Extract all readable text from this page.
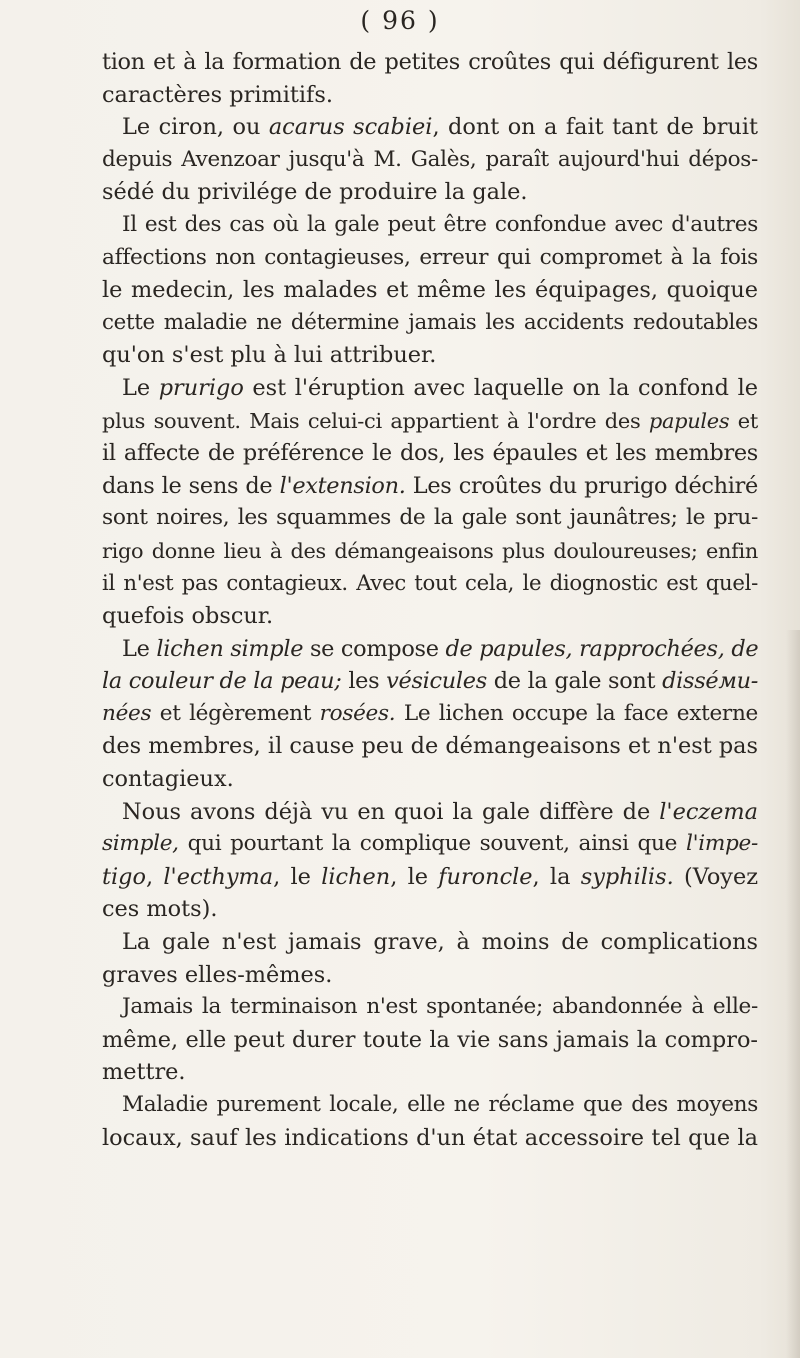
( 96 )
tion et à la formation de petites croûtes qui défigurent les
caractères primitifs.
Le ciron, ou acarus scabiei, dont on a fait tant de bruit
depuis Avenzoar jusqu'à M. Galès, paraît aujourd'hui dépos-
sédé du privilége de produire la gale.
Il est des cas où la gale peut être confondue avec d'autres
affections non contagieuses, erreur qui compromet à la fois
le medecin, les malades et même les équipages, quoique
cette maladie ne détermine jamais les accidents redoutables
qu'on s'est plu à lui attribuer.
Le prurigo est l'éruption avec laquelle on la confond le
plus souvent. Mais celui-ci appartient à l'ordre des papules et
il affecte de préférence le dos, les épaules et les membres
dans le sens de l'extension. Les croûtes du prurigo déchiré
sont noires, les squammes de la gale sont jaunâtres; le pru-
rigo donne lieu à des démangeaisons plus douloureuses; enfin
il n'est pas contagieux. Avec tout cela, le diognostic est quel-
quefois obscur.
Le lichen simple se compose de papules, rapprochées, de
la couleur de la peau; les vésicules de la gale sont disséми-
nées et légèrement rosées. Le lichen occupe la face externe
des membres, il cause peu de démangeaisons et n'est pas
contagieux.
Nous avons déjà vu en quoi la gale diffère de l'eczema
simple, qui pourtant la complique souvent, ainsi que l'impe-
tigo, l'ecthyma, le lichen, le furoncle, la syphilis. (Voyez
ces mots).
La gale n'est jamais grave, à moins de complications
graves elles-mêmes.
Jamais la terminaison n'est spontanée; abandonnée à elle-
même, elle peut durer toute la vie sans jamais la compro-
mettre.
Maladie purement locale, elle ne réclame que des moyens
locaux, sauf les indications d'un état accessoire tel que la
